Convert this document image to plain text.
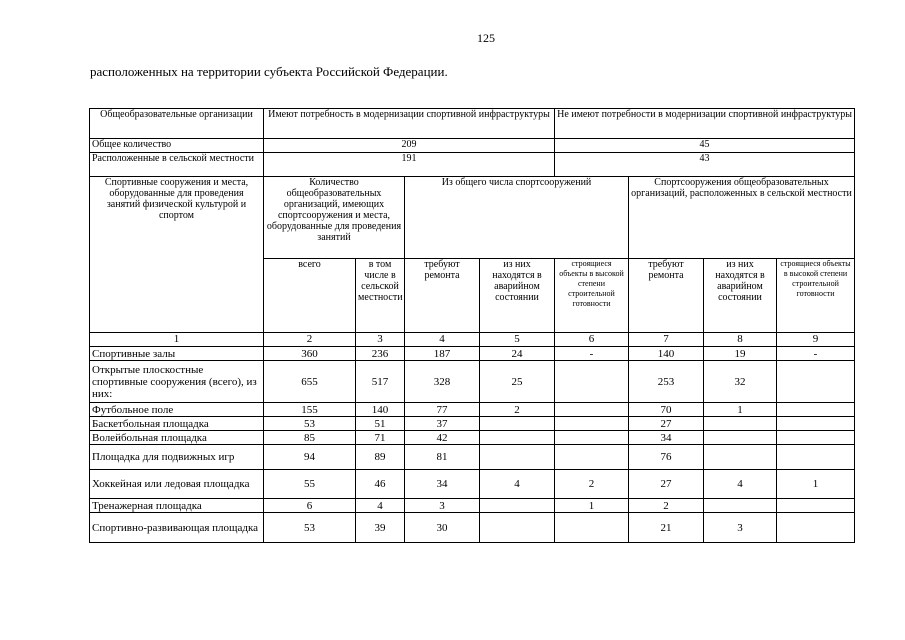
125
расположенных на территории субъекта Российской Федерации.
Общеобразовательные организации	Имеют потребность в модернизации спортивной инфраструктуры				Не имеют потребности в модернизации спортивной инфраструктуры			
Общее количество	209				45			
Расположенные в сельской местности	191				43			
Спортивные сооружения и места, оборудованные для проведения занятий физической культурой и спортом	Количество общеобразовательных организаций, имеющих спортсооружения и места, оборудованные для проведения занятий		Из общего числа спортсооружений			Спортсооружения общеобразовательных организаций, расположенных в сельской местности		
	всего	в том числе в сельской местности	требуют ремонта	из них находятся в аварийном состоянии	строящиеся объекты в высокой степени строительной готовности	требуют ремонта	из них находятся в аварийном состоянии	строящиеся объекты в высокой степени строительной готовности
1	2	3	4	5	6	7	8	9
Спортивные залы	360	236	187	24	-	140	19	-
Открытые плоскостные спортивные сооружения (всего), из них:	655	517	328	25		253	32	
Футбольное поле	155	140	77	2		70	1	
Баскетбольная площадка	53	51	37			27		
Волейбольная площадка	85	71	42			34		
Площадка для подвижных игр	94	89	81			76		
Хоккейная или ледовая площадка	55	46	34	4	2	27	4	1
Тренажерная площадка	6	4	3		1	2		
Спортивно-развивающая площадка	53	39	30			21	3	
